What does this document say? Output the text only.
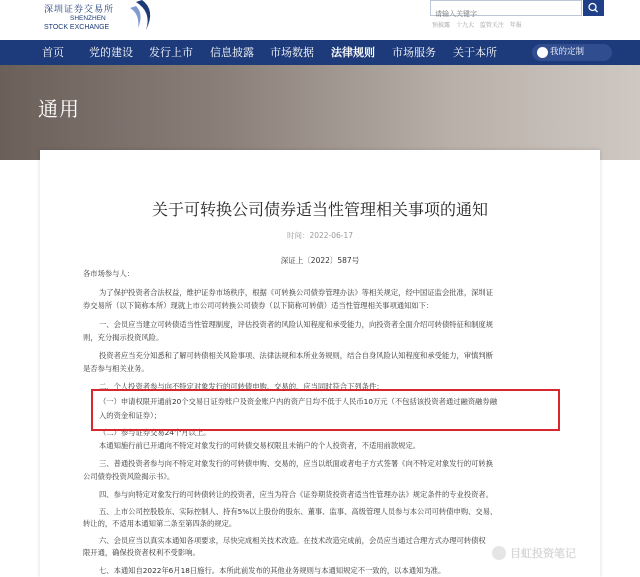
深圳证券交易所
SHENZHEN
STOCK EXCHANGE
请输入关键字	预披露 十九大 监管关注 年报
首页 党的建设 发行上市 信息披露 市场数据 法律规则 市场服务 关于本所	我的定制
通用
关于可转换公司债券适当性管理相关事项的通知
时间：2022-06-17
深证上〔2022〕587号
各市场参与人：
为了保护投资者合法权益，维护证券市场秩序，根据《可转换公司债券管理办法》等相关规定，经中国证监会批准，深圳证
券交易所（以下简称本所）现就上市公司可转换公司债券（以下简称可转债）适当性管理相关事项通知如下：
一、会员应当建立可转债适当性管理制度，评估投资者的风险认知程度和承受能力，向投资者全面介绍可转债特征和制度规
则，充分揭示投资风险。
投资者应当充分知悉和了解可转债相关风险事项、法律法规和本所业务规则，结合自身风险认知程度和承受能力，审慎判断
是否参与相关业务。
二、个人投资者参与向不特定对象发行的可转债申购、交易的，应当同时符合下列条件：
（一）申请权限开通前20个交易日证券账户及资金账户内的资产日均不低于人民币10万元（不包括该投资者通过融资融券融
入的资金和证券）；
（二）参与证券交易24个月以上。
本通知施行前已开通向不特定对象发行的可转债交易权限且未销户的个人投资者，不适用前款规定。
三、普通投资者参与向不特定对象发行的可转债申购、交易的，应当以纸面或者电子方式签署《向不特定对象发行的可转换
公司债券投资风险揭示书》。
四、参与向特定对象发行的可转债转让的投资者，应当为符合《证券期货投资者适当性管理办法》规定条件的专业投资者。
五、上市公司控股股东、实际控制人、持有5%以上股份的股东、董事、监事、高级管理人员参与本公司可转债申购、交易、
转让的，不适用本通知第二条至第四条的规定。
六、会员应当以真实本通知各项要求，尽快完成相关技术改造。在技术改造完成前，会员应当通过合理方式办理可转债权
限开通，确保投资者权利不受影响。
七、本通知自2022年6月18日施行。本所此前发布的其他业务规则与本通知规定不一致的，以本通知为准。
目虹投资笔记
